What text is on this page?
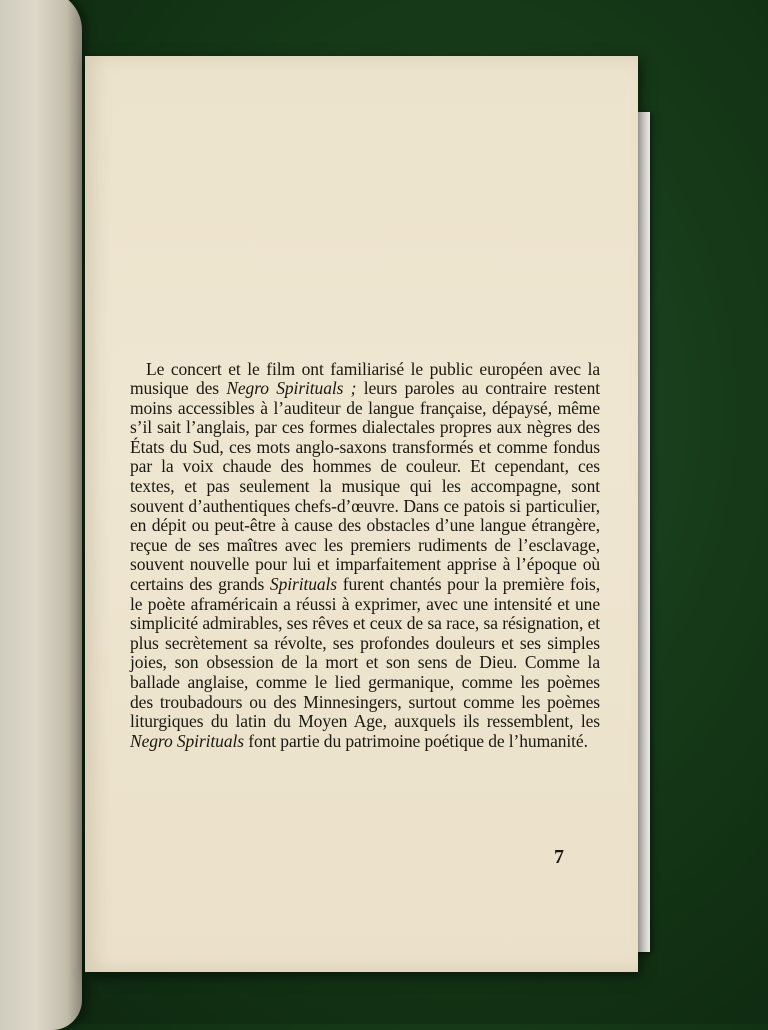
Le concert et le film ont familiarisé le public européen avec la musique des Negro Spirituals ; leurs paroles au contraire restent moins accessibles à l’auditeur de langue française, dépaysé, même s’il sait l’anglais, par ces formes dialectales propres aux nègres des États du Sud, ces mots anglo-saxons transformés et comme fondus par la voix chaude des hommes de couleur. Et cependant, ces textes, et pas seulement la musique qui les accompagne, sont souvent d’authentiques chefs-d’œuvre. Dans ce patois si particulier, en dépit ou peut-être à cause des obstacles d’une langue étrangère, reçue de ses maîtres avec les premiers rudiments de l’esclavage, souvent nouvelle pour lui et imparfaitement apprise à l’époque où certains des grands Spirituals furent chantés pour la première fois, le poète aframéricain a réussi à exprimer, avec une intensité et une simplicité admirables, ses rêves et ceux de sa race, sa résignation, et plus secrètement sa révolte, ses profondes douleurs et ses simples joies, son obsession de la mort et son sens de Dieu. Comme la ballade anglaise, comme le lied germanique, comme les poèmes des troubadours ou des Minnesingers, surtout comme les poèmes liturgiques du latin du Moyen Age, auxquels ils ressemblent, les Negro Spirituals font partie du patrimoine poétique de l’humanité.

7
